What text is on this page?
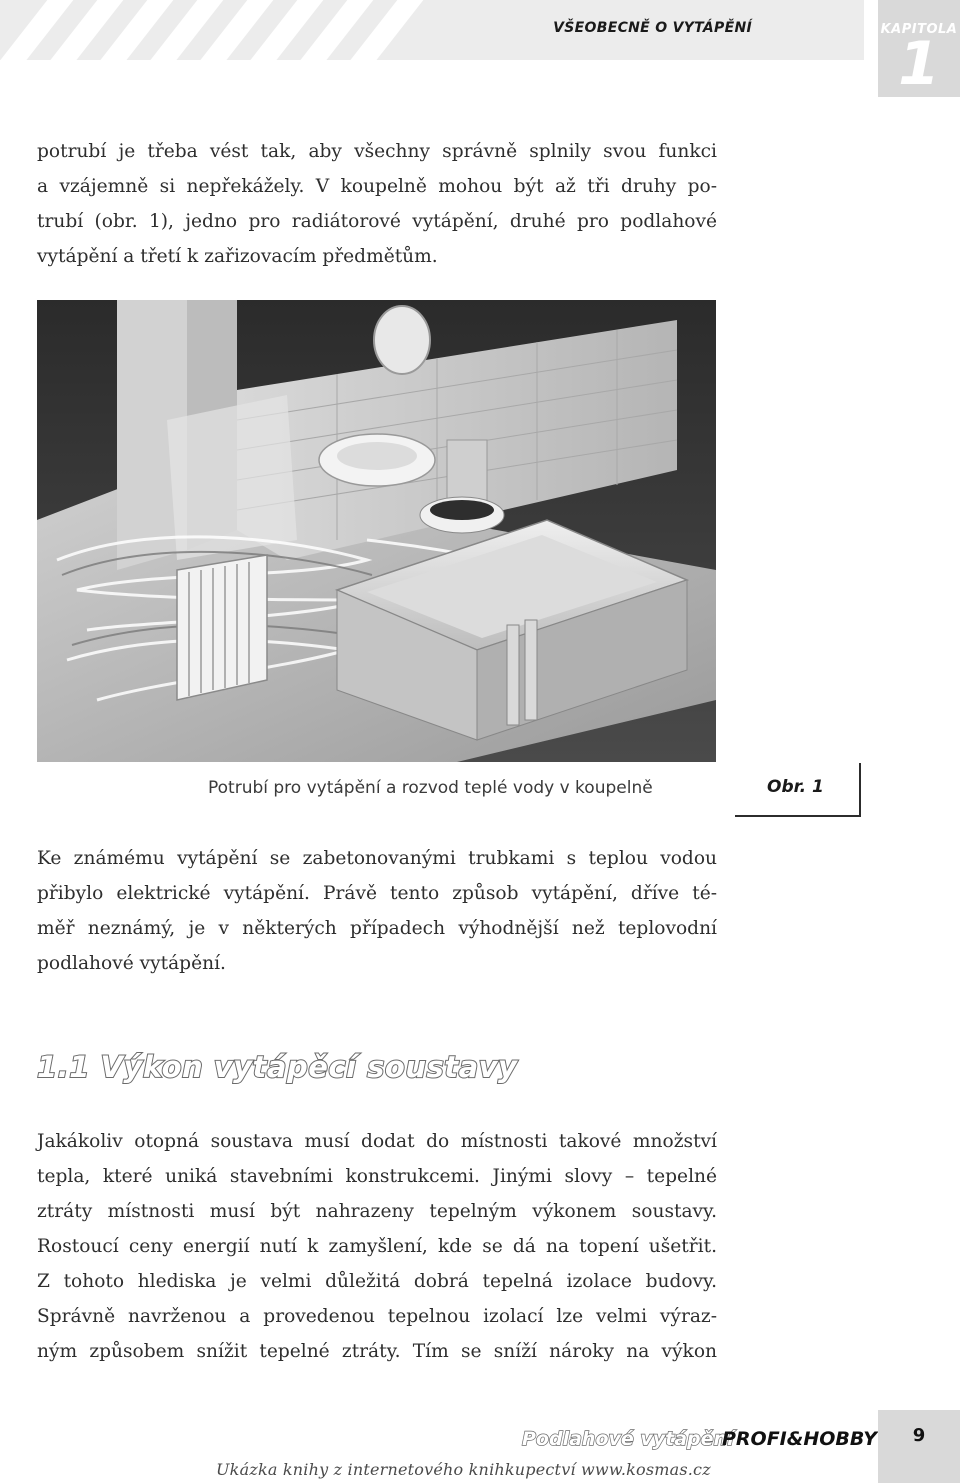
VŠEOBECNĚ O VYTÁPĚNÍ	KAPITOLA
1

potrubí je třeba vést tak, aby všechny správně splnily svou funkci
a vzájemně si nepřekážely. V koupelně mohou být až tři druhy po-
trubí (obr. 1), jedno pro radiátorové vytápění, druhé pro podlahové
vytápění a třetí k zařizovacím předmětům.

Potrubí pro vytápění a rozvod teplé vody v koupelně	Obr. 1

Ke známému vytápění se zabetonovanými trubkami s teplou vodou
přibylo elektrické vytápění. Právě tento způsob vytápění, dříve té-
měř neznámý, je v některých případech výhodnější než teplovodní
podlahové vytápění.

1.1 Výkon vytápěcí soustavy

Jakákoliv otopná soustava musí dodat do místnosti takové množství
tepla, které uniká stavebními konstrukcemi. Jinými slovy – tepelné
ztráty místnosti musí být nahrazeny tepelným výkonem soustavy.
Rostoucí ceny energií nutí k zamyšlení, kde se dá na topení ušetřit.
Z tohoto hlediska je velmi důležitá dobrá tepelná izolace budovy.
Správně navrženou a provedenou tepelnou izolací lze velmi výraz-
ným způsobem snížit tepelné ztráty. Tím se sníží nároky na výkon

Podlahové vytápění
PROFI&HOBBY	9
Ukázka knihy z internetového knihkupectví www.kosmas.cz
